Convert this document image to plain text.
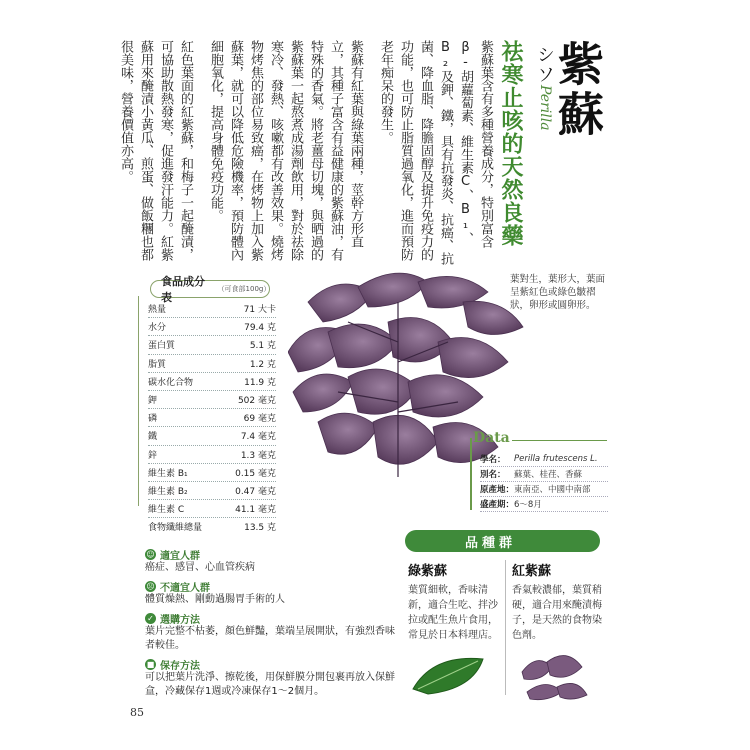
紫蘇
シソ
Perilla
祛寒止咳的天然良藥

紫蘇葉含有多種營養成分，特別富含β-胡蘿蔔素、維生素C、B₁、B₂及鉀、鐵，具有抗發炎、抗癌、抗菌、降血脂、降膽固醇及提升免疫力的功能，也可防止脂質過氧化，進而預防老年痴呆的發生。

紫蘇有紅葉與綠葉兩種，莖幹方形直立，其種子富含有益健康的紫蘇油，有特殊的香氣。將老薑母切塊，與晒過的紫蘇葉一起熬煮成湯劑飲用，對於祛除寒冷、發熱、咳嗽都有改善效果。燒烤物烤焦的部位易致癌，在烤物上加入紫蘇葉，就可以降低危險機率，預防體內細胞氧化，提高身體免疫功能。

紅色葉面的紅紫蘇，和梅子一起醃漬，可協助散熱發寒，促進發汗能力。紅紫蘇用來醃漬小黃瓜、煎蛋、做飯糰也都很美味，營養價值亦高。

食品成分表
（可食部100g）
熱量	71 大卡
水分	79.4 克
蛋白質	5.1 克
脂質	1.2 克
碳水化合物	11.9 克
鉀	502 毫克
磷	69 毫克
鐵	7.4 毫克
鋅	1.3 毫克
維生素 B₁	0.15 毫克
維生素 B₂	0.47 毫克
維生素 C	41.1 毫克
食物纖維總量	13.5 克
葉對生，葉形大，葉面呈紫紅色或綠色皺褶狀，卵形或圓卵形。
Data
學名： Perilla frutescens L.
別名： 蘇葉、桂荏、香蘇
原產地： 東南亞、中國中南部
盛產期： 6～8月
品種群
綠紫蘇

葉質細軟，香味清新，適合生吃、拌沙拉或配生魚片食用，常見於日本料理店。

紅紫蘇

香氣較濃郁，葉質稍硬，適合用來醃漬梅子，是天然的食物染色劑。

☺ 適宜人群
癌症、感冒、心血管疾病
☹ 不適宜人群
體質燥熱、剛動過腸胃手術的人
✓ 選購方法
葉片完整不枯萎，顏色鮮豔，葉端呈展開狀，有強烈香味者較佳。
■ 保存方法
可以把葉片洗淨、擦乾後，用保鮮膜分開包裹再放入保鮮盒，冷藏保存1週或冷凍保存1～2個月。
85
